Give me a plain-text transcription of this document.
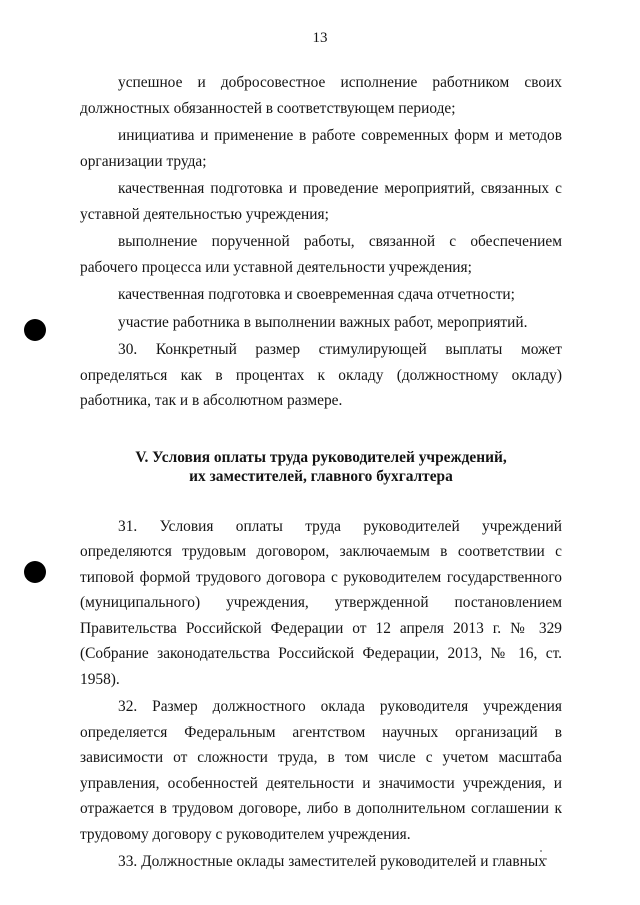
13

успешное и добросовестное исполнение работником своих должностных обязанностей в соответствующем периоде;

инициатива и применение в работе современных форм и методов организации труда;

качественная подготовка и проведение мероприятий, связанных с уставной деятельностью учреждения;

выполнение порученной работы, связанной с обеспечением рабочего процесса или уставной деятельности учреждения;

качественная подготовка и своевременная сдача отчетности;

участие работника в выполнении важных работ, мероприятий.

30. Конкретный размер стимулирующей выплаты может определяться как в процентах к окладу (должностному окладу) работника, так и в абсолютном размере.

V. Условия оплаты труда руководителей учреждений,
их заместителей, главного бухгалтера

31. Условия оплаты труда руководителей учреждений определяются трудовым договором, заключаемым в соответствии с типовой формой трудового договора с руководителем государственного (муниципального) учреждения, утвержденной постановлением Правительства Российской Федерации от 12 апреля 2013 г. № 329 (Собрание законодательства Российской Федерации, 2013, № 16, ст. 1958).

32. Размер должностного оклада руководителя учреждения определяется Федеральным агентством научных организаций в зависимости от сложности труда, в том числе с учетом масштаба управления, особенностей деятельности и значимости учреждения, и отражается в трудовом договоре, либо в дополнительном соглашении к трудовому договору с руководителем учреждения.

33. Должностные оклады заместителей руководителей и главных
